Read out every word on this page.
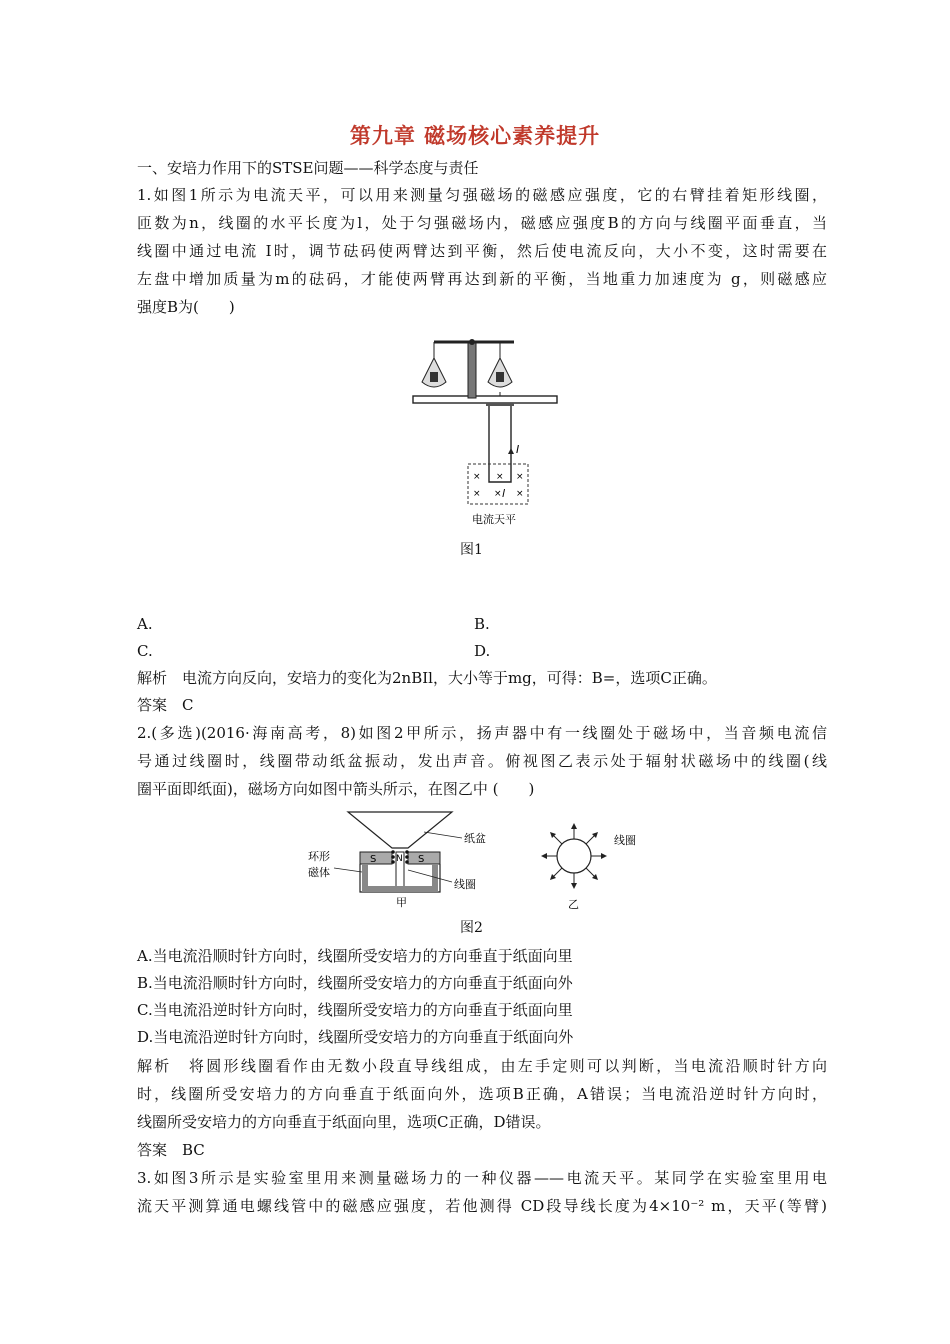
第九章 磁场核心素养提升
一、安培力作用下的STSE问题——科学态度与责任
1.如图1所示为电流天平，可以用来测量匀强磁场的磁感应强度，它的右臂挂着矩形线圈，
匝数为n，线圈的水平长度为l，处于匀强磁场内，磁感应强度B的方向与线圈平面垂直，当
线圈中通过电流 I时，调节砝码使两臂达到平衡，然后使电流反向，大小不变，这时需要在
左盘中增加质量为m的砝码，才能使两臂再达到新的平衡，当地重力加速度为 g，则磁感应
强度B为(　　)
I
× × ×
× × l ×
电流天平
图1
A.	B.
C.	D.
解析　电流方向反向，安培力的变化为2nBIl，大小等于mg，可得：B=，选项C正确。
答案　C
2.(多选)(2016·海南高考，8)如图2甲所示，扬声器中有一线圈处于磁场中，当音频电流信
号通过线圈时，线圈带动纸盆振动，发出声音。俯视图乙表示处于辐射状磁场中的线圈(线
圈平面即纸面)，磁场方向如图中箭头所示，在图乙中 (　　)
纸盆
S	S
N
环形
磁体
线圈
甲
线圈
乙
图2
A.当电流沿顺时针方向时，线圈所受安培力的方向垂直于纸面向里
B.当电流沿顺时针方向时，线圈所受安培力的方向垂直于纸面向外
C.当电流沿逆时针方向时，线圈所受安培力的方向垂直于纸面向里
D.当电流沿逆时针方向时，线圈所受安培力的方向垂直于纸面向外
解析　将圆形线圈看作由无数小段直导线组成，由左手定则可以判断，当电流沿顺时针方向
时，线圈所受安培力的方向垂直于纸面向外，选项B正确，A错误；当电流沿逆时针方向时，
线圈所受安培力的方向垂直于纸面向里，选项C正确，D错误。
答案　BC
3.如图3所示是实验室里用来测量磁场力的一种仪器——电流天平。某同学在实验室里用电
流天平测算通电螺线管中的磁感应强度，若他测得 CD段导线长度为4×10⁻² m，天平(等臂)
